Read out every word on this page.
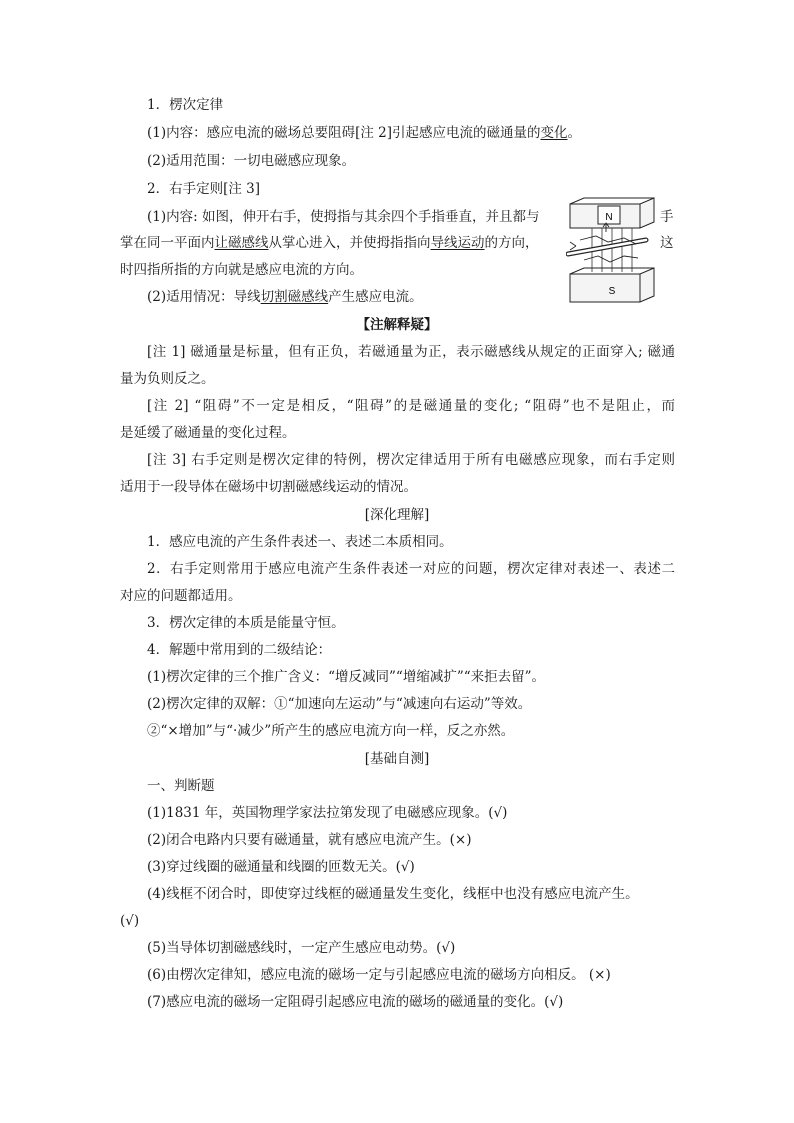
1．楞次定律
(1)内容：感应电流的磁场总要阻碍[注 2]引起感应电流的磁通量的变化。
(2)适用范围：一切电磁感应现象。
2．右手定则[注 3]
(1)内容: 如图，伸开右手，使拇指与其余四个手指垂直，并且都与	手
掌在同一平面内让磁感线从掌心进入，并使拇指指向导线运动的方向，	这
时四指所指的方向就是感应电流的方向。
(2)适用情况：导线切割磁感线产生感应电流。
N
S
【注解释疑】
[注 1] 磁通量是标量，但有正负，若磁通量为正，表示磁感线从规定的正面穿入; 磁通
量为负则反之。
[注 2] “阻碍”不一定是相反，“阻碍”的是磁通量的变化; “阻碍”也不是阻止，而
是延缓了磁通量的变化过程。
[注 3] 右手定则是楞次定律的特例，楞次定律适用于所有电磁感应现象，而右手定则
适用于一段导体在磁场中切割磁感线运动的情况。
[深化理解]
1．感应电流的产生条件表述一、表述二本质相同。
2．右手定则常用于感应电流产生条件表述一对应的问题，楞次定律对表述一、表述二
对应的问题都适用。
3．楞次定律的本质是能量守恒。
4．解题中常用到的二级结论：
(1)楞次定律的三个推广含义：“增反减同”“增缩减扩”“来拒去留”。
(2)楞次定律的双解：①“加速向左运动”与“减速向右运动”等效。
②“×增加”与“·减少”所产生的感应电流方向一样，反之亦然。
[基础自测]
一、判断题
(1)1831 年，英国物理学家法拉第发现了电磁感应现象。(√)
(2)闭合电路内只要有磁通量，就有感应电流产生。(×)
(3)穿过线圈的磁通量和线圈的匝数无关。(√)
(4)线框不闭合时，即使穿过线框的磁通量发生变化，线框中也没有感应电流产生。
(√)
(5)当导体切割磁感线时，一定产生感应电动势。(√)
(6)由楞次定律知，感应电流的磁场一定与引起感应电流的磁场方向相反。 (×)
(7)感应电流的磁场一定阻碍引起感应电流的磁场的磁通量的变化。(√)
